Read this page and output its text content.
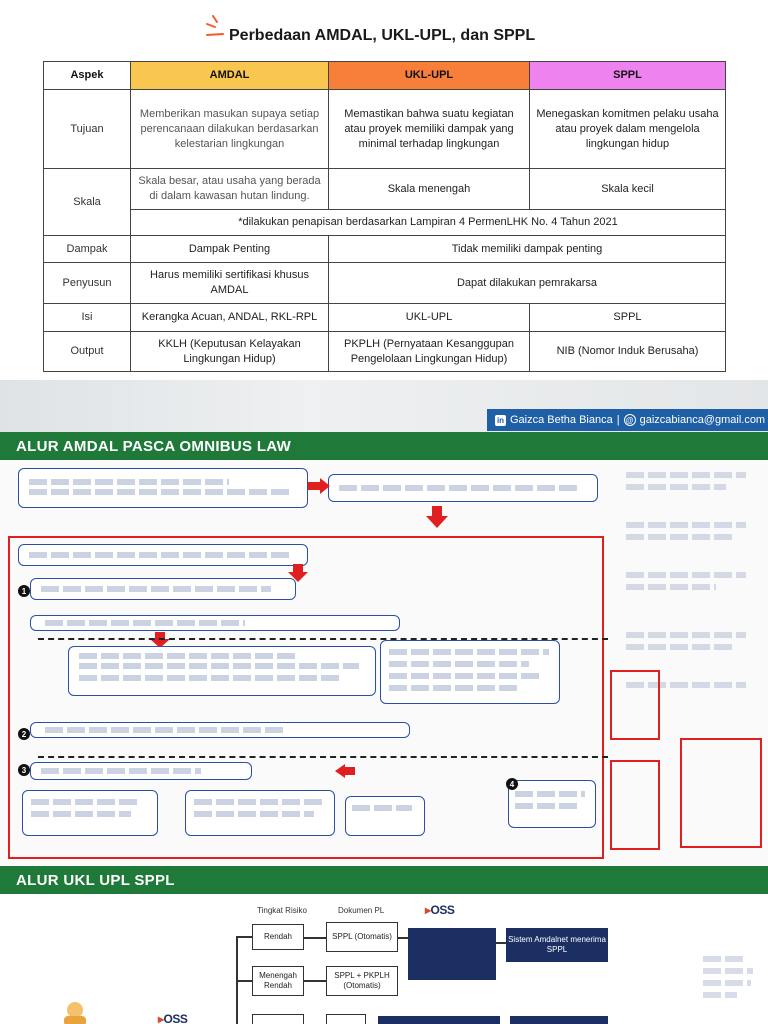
Perbedaan AMDAL, UKL-UPL, dan SPPL
Aspek	AMDAL	UKL-UPL	SPPL
Tujuan	Memberikan masukan supaya setiap perencanaan dilakukan berdasarkan kelestarian lingkungan	Memastikan bahwa suatu kegiatan atau proyek memiliki dampak yang minimal terhadap lingkungan	Menegaskan komitmen pelaku usaha atau proyek dalam mengelola lingkungan hidup
Skala	Skala besar, atau usaha yang berada di dalam kawasan hutan lindung.	Skala menengah	Skala kecil
	*dilakukan penapisan berdasarkan Lampiran 4 PermenLHK No. 4 Tahun 2021		
Dampak	Dampak Penting	Tidak memiliki dampak penting	
Penyusun	Harus memiliki sertifikasi khusus AMDAL	Dapat dilakukan pemrakarsa	
Isi	Kerangka Acuan, ANDAL, RKL-RPL	UKL-UPL	SPPL
Output	KKLH (Keputusan Kelayakan Lingkungan Hidup)	PKPLH (Pernyataan Kesanggupan Pengelolaan Lingkungan Hidup)	NIB (Nomor Induk Berusaha)
in Gaizca Betha Bianca | @ gaizcabianca@gmail.com
ALUR AMDAL PASCA OMNIBUS LAW
1
2
3
4
ALUR UKL UPL SPPL
Tingkat Risiko	Dokumen PL	▸OSS
▸OSS
Rendah
Menengah Rendah
SPPL (Otomatis)
SPPL + PKPLH (Otomatis)
Sistem Amdalnet menerima SPPL
